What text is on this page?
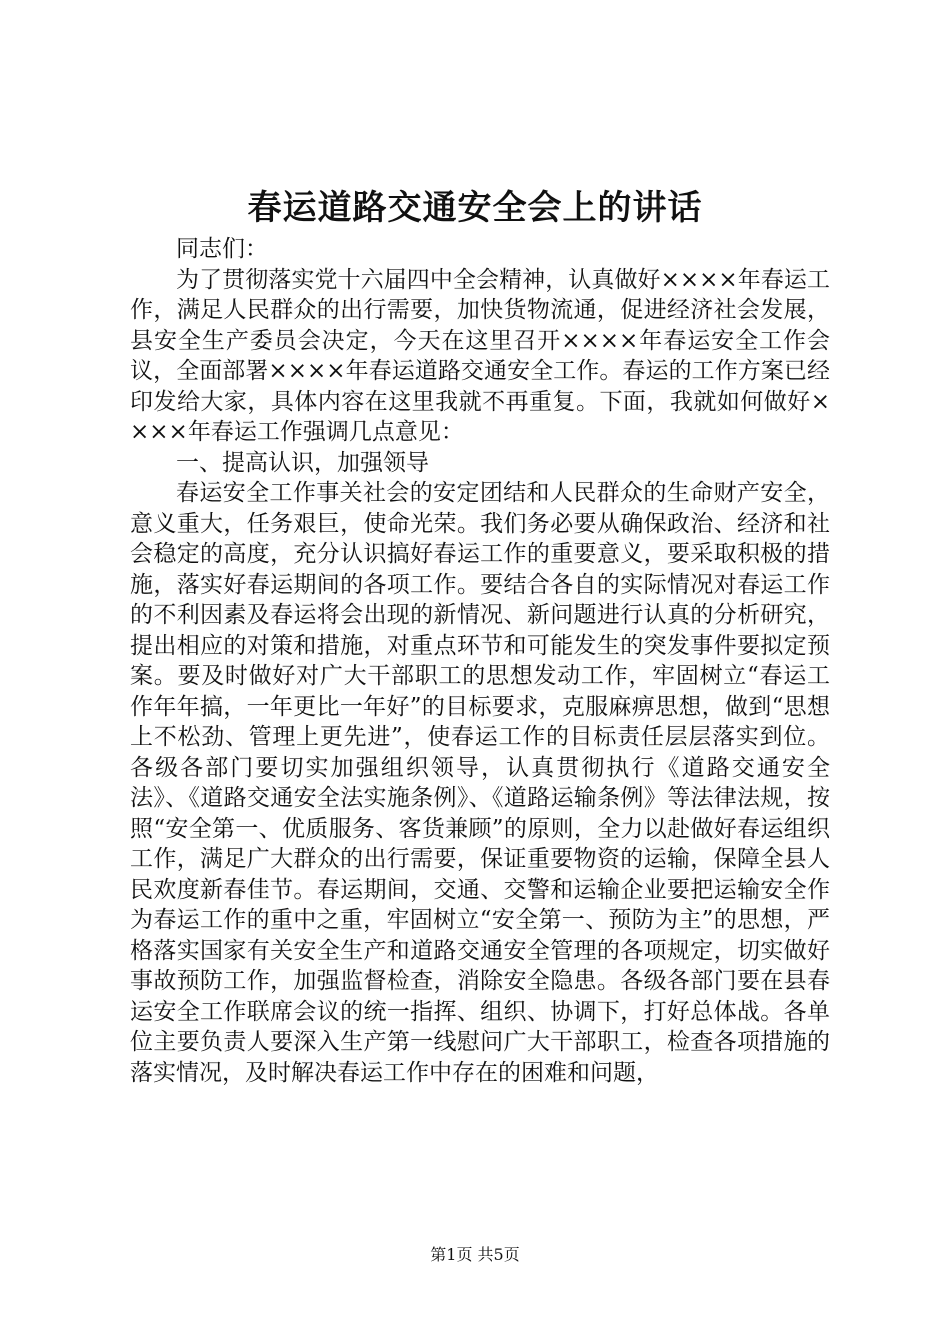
春运道路交通安全会上的讲话

同志们：

为了贯彻落实党十六届四中全会精神，认真做好××××年春运工作，满足人民群众的出行需要，加快货物流通，促进经济社会发展，县安全生产委员会决定，今天在这里召开××××年春运安全工作会议，全面部署××××年春运道路交通安全工作。春运的工作方案已经印发给大家，具体内容在这里我就不再重复。下面，我就如何做好××××年春运工作强调几点意见：

一、提高认识，加强领导

春运安全工作事关社会的安定团结和人民群众的生命财产安全，意义重大，任务艰巨，使命光荣。我们务必要从确保政治、经济和社会稳定的高度，充分认识搞好春运工作的重要意义，要采取积极的措施，落实好春运期间的各项工作。要结合各自的实际情况对春运工作的不利因素及春运将会出现的新情况、新问题进行认真的分析研究，提出相应的对策和措施，对重点环节和可能发生的突发事件要拟定预案。要及时做好对广大干部职工的思想发动工作，牢固树立“春运工作年年搞，一年更比一年好”的目标要求，克服麻痹思想，做到“思想上不松劲、管理上更先进”，使春运工作的目标责任层层落实到位。各级各部门要切实加强组织领导，认真贯彻执行《道路交通安全法》、《道路交通安全法实施条例》、《道路运输条例》等法律法规，按照“安全第一、优质服务、客货兼顾”的原则，全力以赴做好春运组织工作，满足广大群众的出行需要，保证重要物资的运输，保障全县人民欢度新春佳节。春运期间，交通、交警和运输企业要把运输安全作为春运工作的重中之重，牢固树立“安全第一、预防为主”的思想，严格落实国家有关安全生产和道路交通安全管理的各项规定，切实做好事故预防工作，加强监督检查，消除安全隐患。各级各部门要在县春运安全工作联席会议的统一指挥、组织、协调下，打好总体战。各单位主要负责人要深入生产第一线慰问广大干部职工，检查各项措施的落实情况，及时解决春运工作中存在的困难和问题，

第1页 共5页
